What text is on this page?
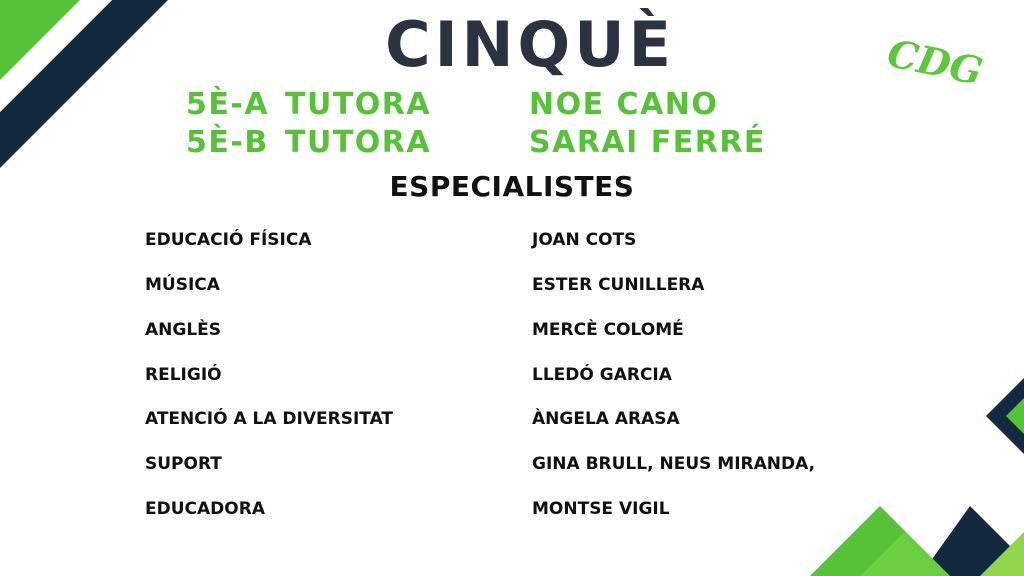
CINQUÈ	CDG
5È-A TUTORA	NOE CANO
5È-B TUTORA	SARAI FERRÉ
ESPECIALISTES
EDUCACIÓ FÍSICA	JOAN COTS
MÚSICA	ESTER CUNILLERA
ANGLÈS	MERCÈ COLOMÉ
RELIGIÓ	LLEDÓ GARCIA
ATENCIÓ A LA DIVERSITAT	ÀNGELA ARASA
SUPORT	GINA BRULL, NEUS MIRANDA,
EDUCADORA	MONTSE VIGIL
